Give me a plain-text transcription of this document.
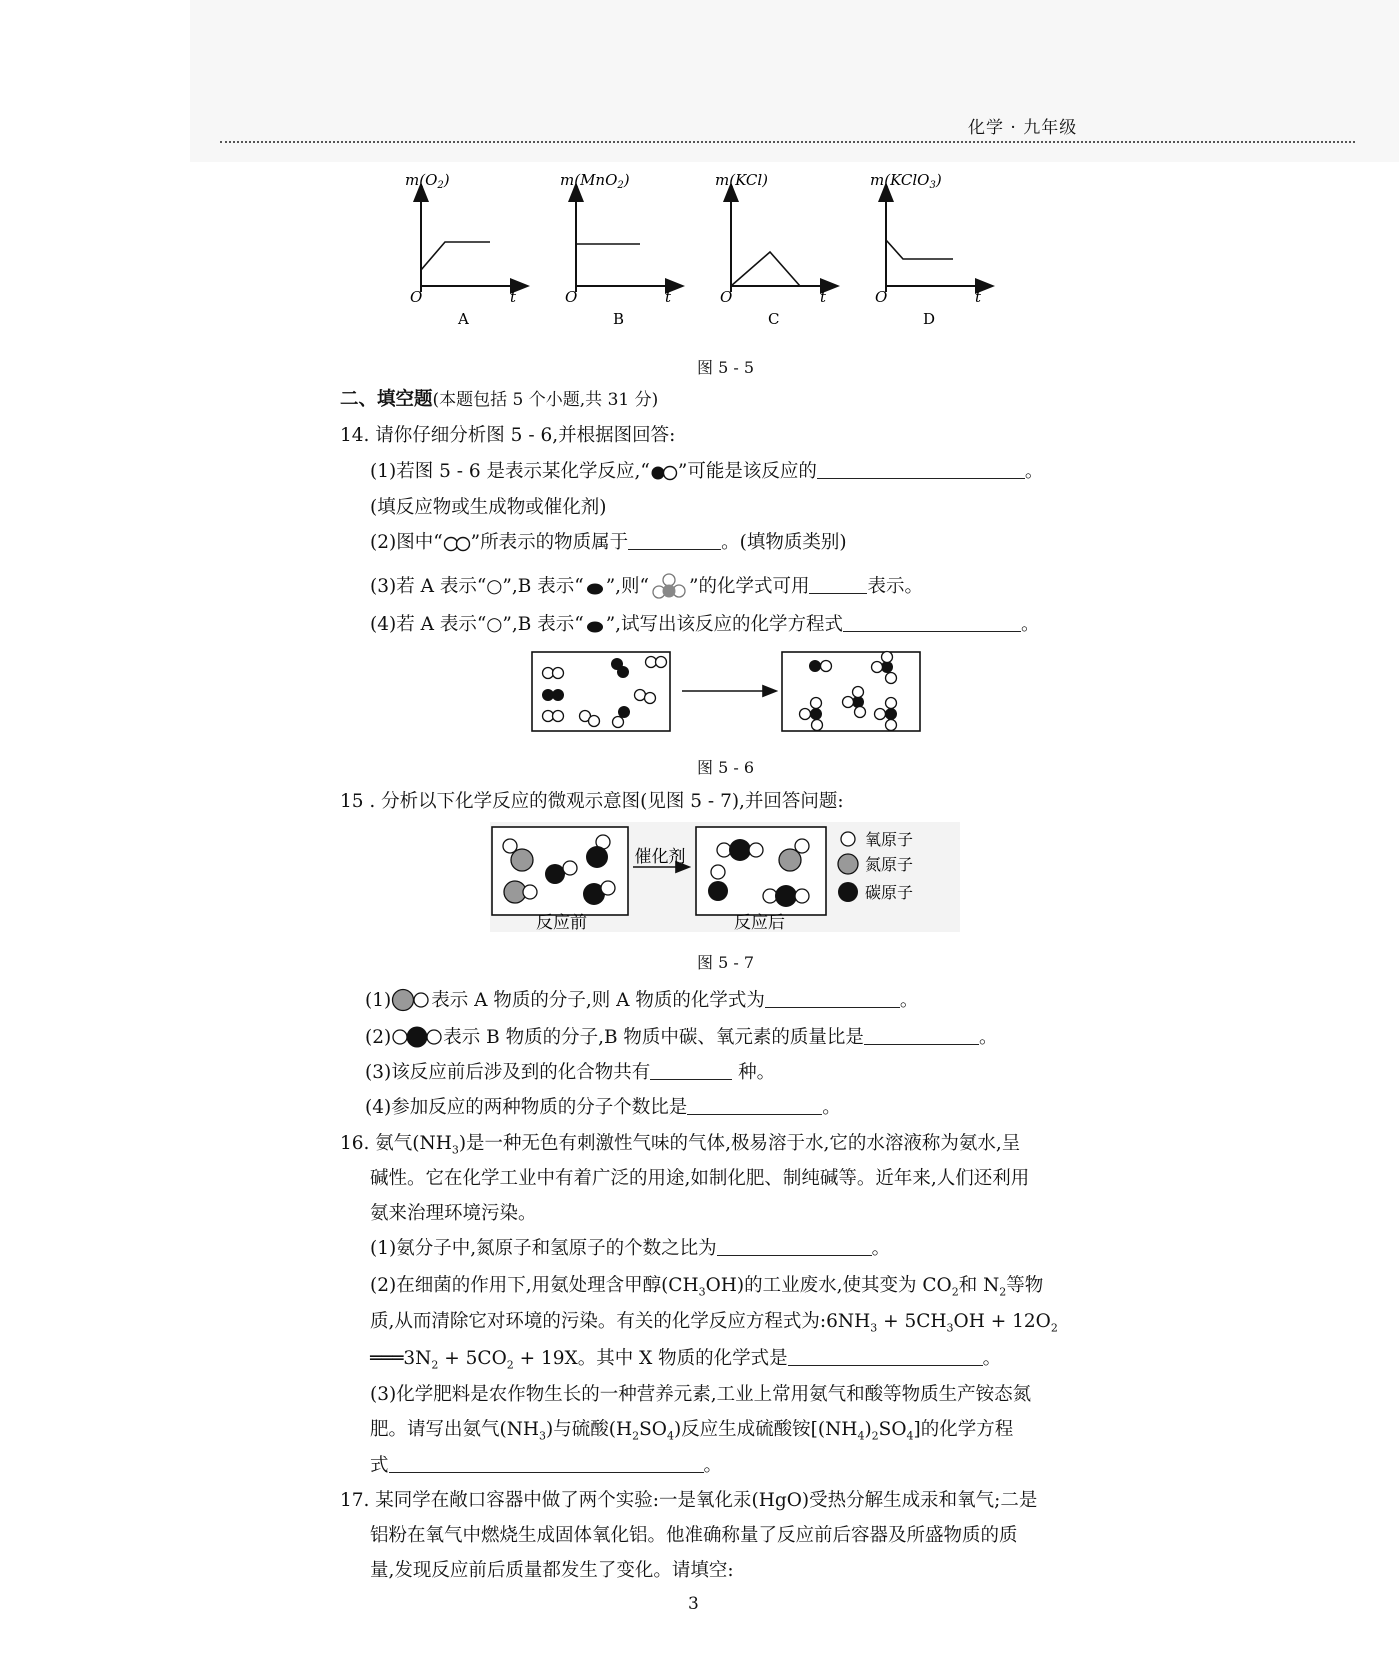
化学 · 九年级
$m(O_2)$
O	t
A
m(MnO$_2$)
O	t
B
m(KCl)
O	t
C
m(KClO$_3$)
O	t
D
图 5 - 5
二、填空题(本题包括 5 个小题,共 31 分)
14. 请你仔细分析图 5 - 6,并根据图回答:
(1)若图 5 - 6 是表示某化学反应,“ ”可能是该反应的	。
(填反应物或生成物或催化剂)
(2)图中“ ”所表示的物质属于	。(填物质类别)
(3)若 A 表示“○”,B 表示“ ”,则“ ”的化学式可用	表示。
(4)若 A 表示“○”,B 表示“ ”,试写出该反应的化学方程式	。
图 5 - 6
15 . 分析以下化学反应的微观示意图(见图 5 - 7),并回答问题:
催化剂
反应前	反应后
氧原子
氮原子
碳原子
图 5 - 7
(1) 表示 A 物质的分子,则 A 物质的化学式为	。
(2)	表示 B 物质的分子,B 物质中碳、氧元素的质量比是	。
(3)该反应前后涉及到的化合物共有	种。
(4)参加反应的两种物质的分子个数比是	。
16. 氨气$(NH_3)$是一种无色有刺激性气味的气体,极易溶于水,它的水溶液称为氨水,呈
碱性。它在化学工业中有着广泛的用途,如制化肥、制纯碱等。近年来,人们还利用
氨来治理环境污染。
(1)氨分子中,氮原子和氢原子的个数之比为	。
(2)在细菌的作用下,用氨处理含甲醇$(CH_3OH)$的工业废水,使其变为 $CO_2$和 $N_2$等物
质,从而清除它对环境的污染。有关的化学反应方程式为$:6NH_3 + 5CH_3OH + 12O_2$
$═══3N_2 + 5CO_2 + 19X$。其中 X 物质的化学式是	。
(3)化学肥料是农作物生长的一种营养元素,工业上常用氨气和酸等物质生产铵态氮
肥。请写出氨气$(NH_3)$与硫酸$(H_2SO_4)$反应生成硫酸铵$[(NH_4)_2SO_4]$的化学方程
式	。
17. 某同学在敞口容器中做了两个实验:一是氧化汞(HgO)受热分解生成汞和氧气;二是
铝粉在氧气中燃烧生成固体氧化铝。他准确称量了反应前后容器及所盛物质的质
量,发现反应前后质量都发生了变化。请填空:
3
